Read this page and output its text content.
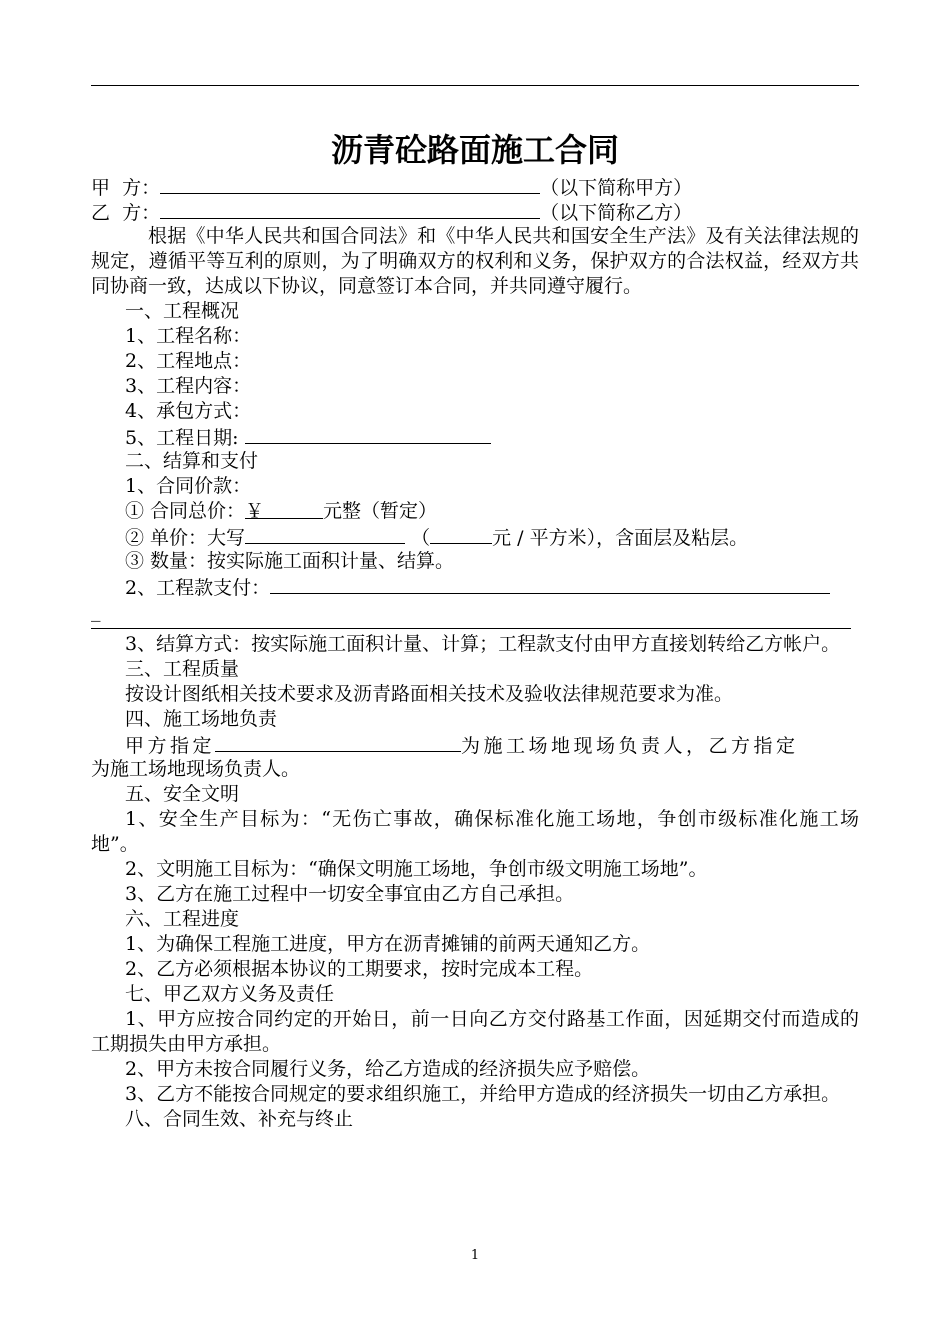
沥青砼路面施工合同
甲  方：	（以下简称甲方）
乙  方：	（以下简称乙方）
根据《中华人民共和国合同法》和《中华人民共和国安全生产法》及有关法律法规的规定，遵循平等互利的原则，为了明确双方的权利和义务，保护双方的合法权益，经双方共同协商一致，达成以下协议，同意签订本合同，并共同遵守履行。
一、工程概况
1、工程名称：
2、工程地点：
3、工程内容：
4、承包方式：
5、工程日期:
二、结算和支付
1、合同价款：
① 合同总价：￥	元整（暂定）
② 单价：大写	（	元 / 平方米），含面层及粘层。
③ 数量：按实际施工面积计量、结算。
2、工程款支付：
_
3、结算方式：按实际施工面积计量、计算；工程款支付由甲方直接划转给乙方帐户。
三、工程质量
按设计图纸相关技术要求及沥青路面相关技术及验收法律规范要求为准。
四、施工场地负责
甲方指定	为施工场地现场负责人，乙方指定
为施工场地现场负责人。
五、安全文明
1、安全生产目标为：“无伤亡事故，确保标准化施工场地，争创市级标准化施工场地”。
2、文明施工目标为：“确保文明施工场地，争创市级文明施工场地”。
3、乙方在施工过程中一切安全事宜由乙方自己承担。
六、工程进度
1、为确保工程施工进度，甲方在沥青摊铺的前两天通知乙方。
2、乙方必须根据本协议的工期要求，按时完成本工程。
七、甲乙双方义务及责任
1、甲方应按合同约定的开始日，前一日向乙方交付路基工作面，因延期交付而造成的工期损失由甲方承担。
2、甲方未按合同履行义务，给乙方造成的经济损失应予赔偿。
3、乙方不能按合同规定的要求组织施工，并给甲方造成的经济损失一切由乙方承担。
八、合同生效、补充与终止
1
